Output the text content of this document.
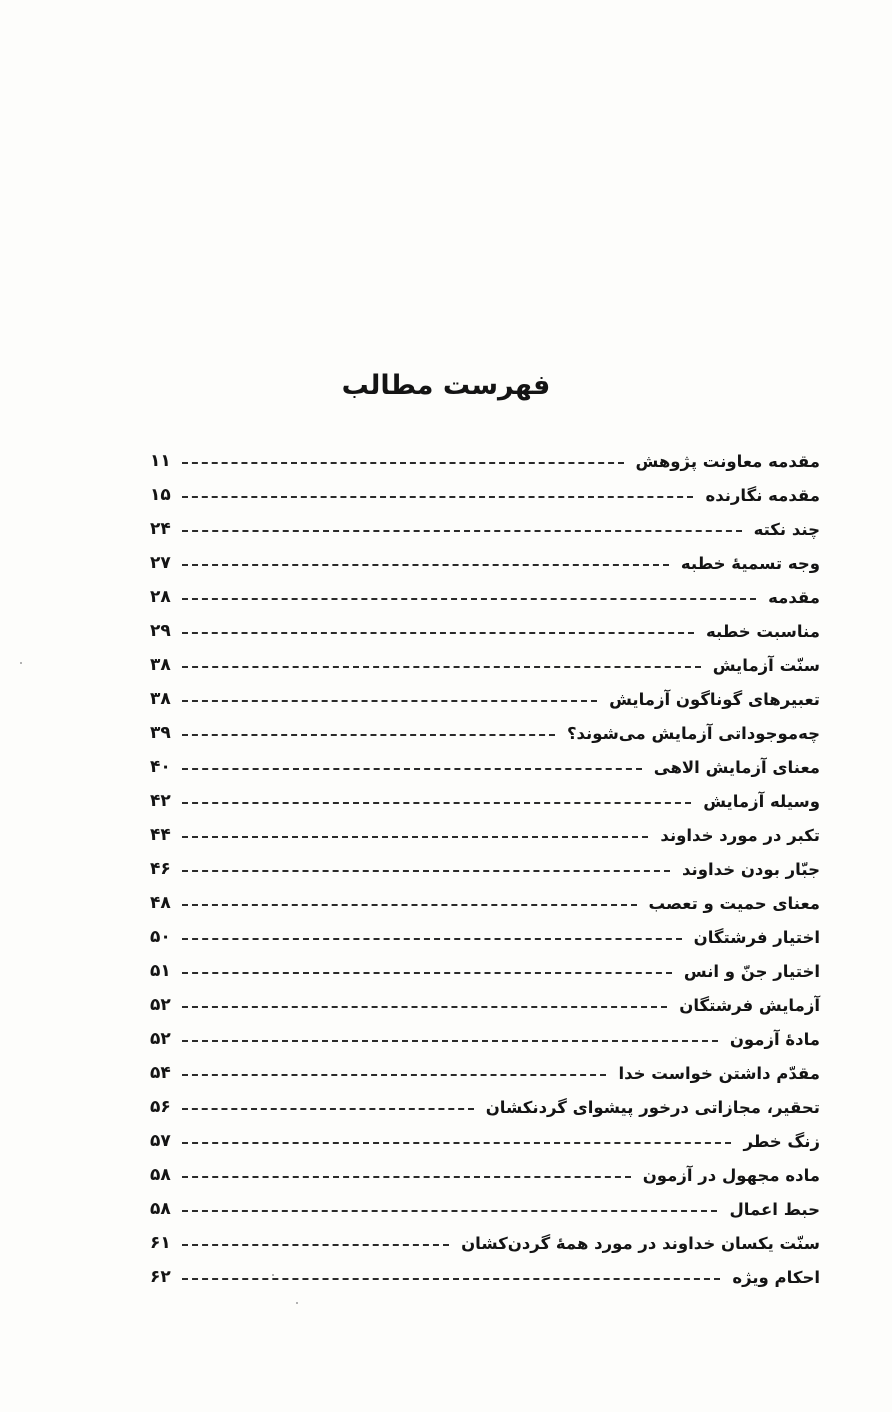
فهرست مطالب
مقدمه معاونت پژوهش
۱۱
مقدمه نگارنده
۱۵
چند نکته
۲۴
وجه تسمیهٔ خطبه
۲۷
مقدمه
۲۸
مناسبت خطبه
۲۹
سنّت آزمایش
۳۸
تعبیرهای گوناگون آزمایش
۳۸
چه‌موجوداتی آزمایش می‌شوند؟
۳۹
معنای آزمایش الاهی
۴۰
وسیله آزمایش
۴۲
تکبر در مورد خداوند
۴۴
جبّار بودن خداوند
۴۶
معنای حمیت و تعصب
۴۸
اختیار فرشتگان
۵۰
اختیار جنّ و انس
۵۱
آزمایش فرشتگان
۵۲
مادهٔ آزمون
۵۲
مقدّم داشتن خواست خدا
۵۴
تحقیر، مجازاتی درخور پیشوای گردنکشان
۵۶
زنگ خطر
۵۷
ماده مجهول در آزمون
۵۸
حبط اعمال
۵۸
سنّت یکسان خداوند در مورد همهٔ گردن‌کشان
۶۱
احکام ویژه
۶۲
